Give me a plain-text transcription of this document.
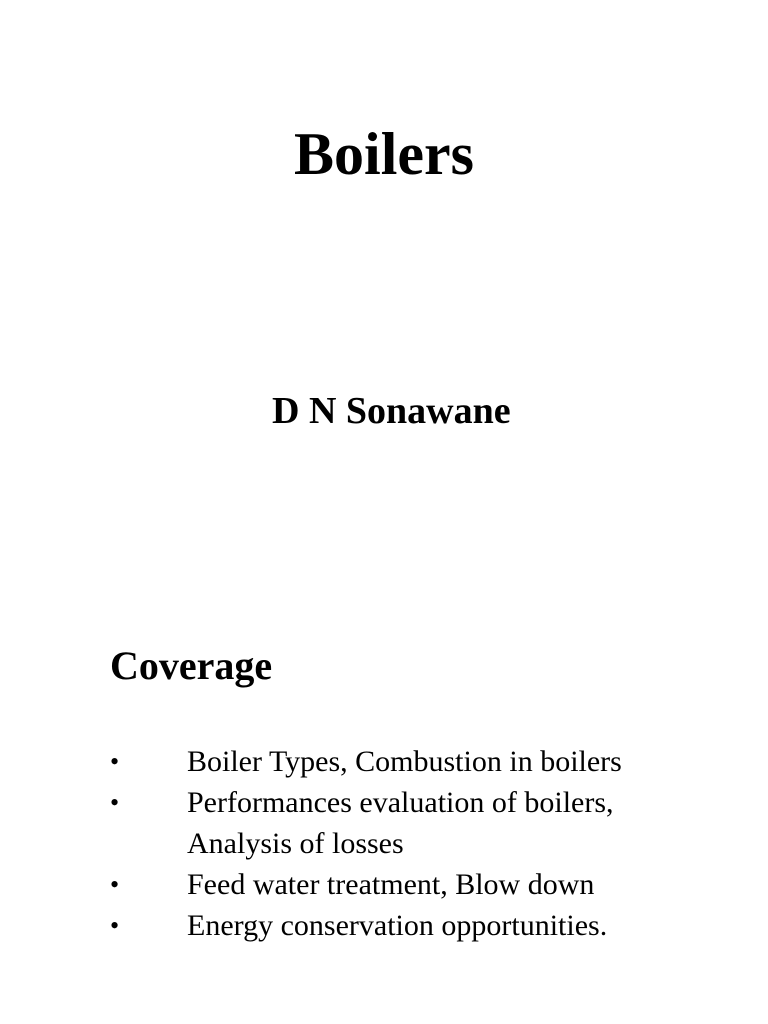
Boilers
D N Sonawane
Coverage
•	Boiler Types, Combustion in boilers
•	Performances evaluation of boilers,
Analysis of losses
•	Feed water treatment, Blow down
•	Energy conservation opportunities.
